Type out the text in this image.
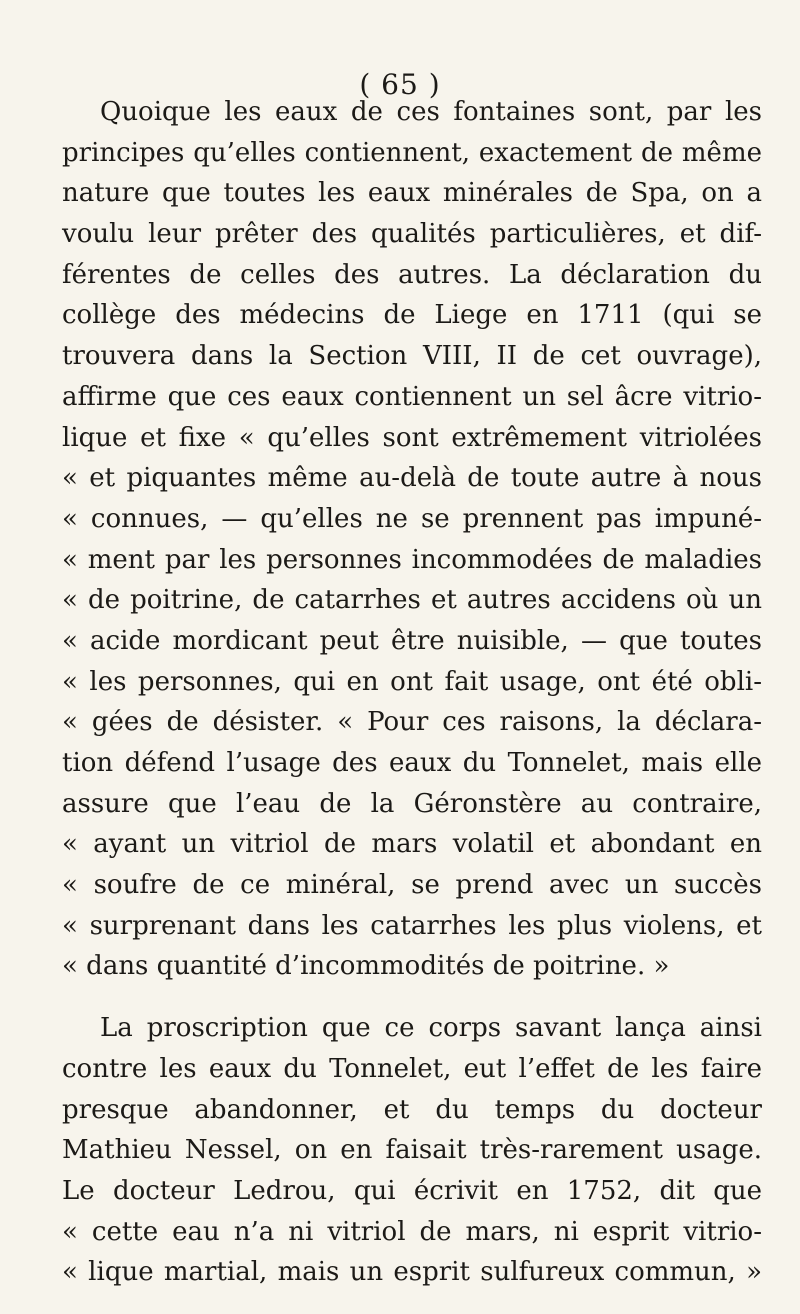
( 65 )
Quoique les eaux de ces fontaines sont, par les
principes qu’elles contiennent, exactement de même
nature que toutes les eaux minérales de Spa, on a
voulu leur prêter des qualités particulières, et dif-
férentes de celles des autres. La déclaration du
collège des médecins de Liege en 1711 (qui se
trouvera dans la Section VIII, II de cet ouvrage),
affirme que ces eaux contiennent un sel âcre vitrio-
lique et fixe « qu’elles sont extrêmement vitriolées
« et piquantes même au-delà de toute autre à nous
« connues, — qu’elles ne se prennent pas impuné-
« ment par les personnes incommodées de maladies
« de poitrine, de catarrhes et autres accidens où un
« acide mordicant peut être nuisible, — que toutes
« les personnes, qui en ont fait usage, ont été obli-
« gées de désister. « Pour ces raisons, la déclara-
tion défend l’usage des eaux du Tonnelet, mais elle
assure que l’eau de la Géronstère au contraire,
« ayant un vitriol de mars volatil et abondant en
« soufre de ce minéral, se prend avec un succès
« surprenant dans les catarrhes les plus violens, et
« dans quantité d’incommodités de poitrine. »
La proscription que ce corps savant lança ainsi
contre les eaux du Tonnelet, eut l’effet de les faire
presque abandonner, et du temps du docteur
Mathieu Nessel, on en faisait très-rarement usage.
Le docteur Ledrou, qui écrivit en 1752, dit que
« cette eau n’a ni vitriol de mars, ni esprit vitrio-
« lique martial, mais un esprit sulfureux commun, »
